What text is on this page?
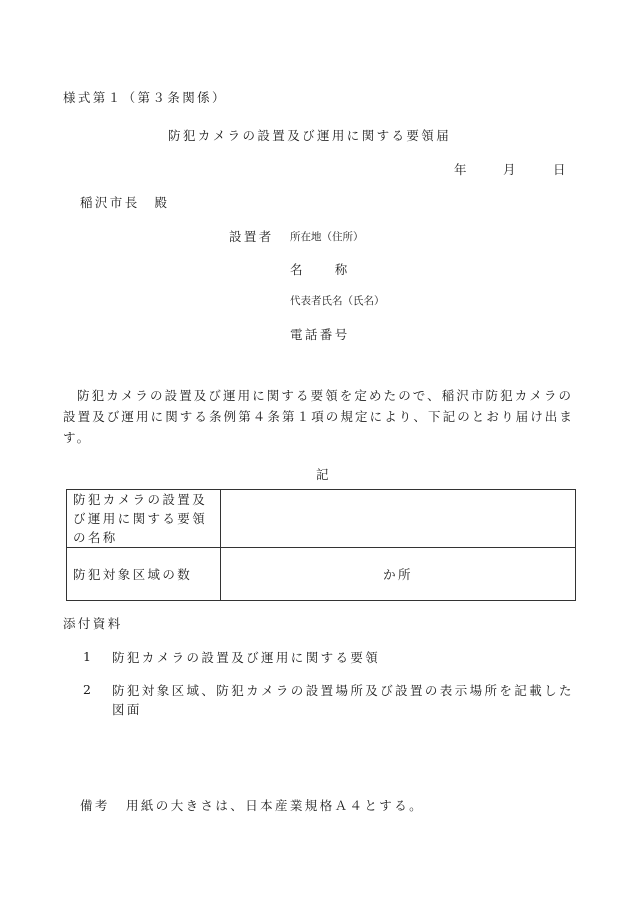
様式第１（第３条関係）
防犯カメラの設置及び運用に関する要領届
年	月	日
稲沢市長　殿
設置者 所在地（住所）
名　　称
代表者氏名（氏名）
電話番号
防犯カメラの設置及び運用に関する要領を定めたので、稲沢市防犯カメラの設置及び運用に関する条例第４条第１項の規定により、下記のとおり届け出ます。
記
防犯カメラの設置及び運用に関する要領の名称	
防犯対象区域の数	か所
添付資料
1 防犯カメラの設置及び運用に関する要領
2 防犯対象区域、防犯カメラの設置場所及び設置の表示場所を記載した図面
備考 用紙の大きさは、日本産業規格Ａ４とする。
